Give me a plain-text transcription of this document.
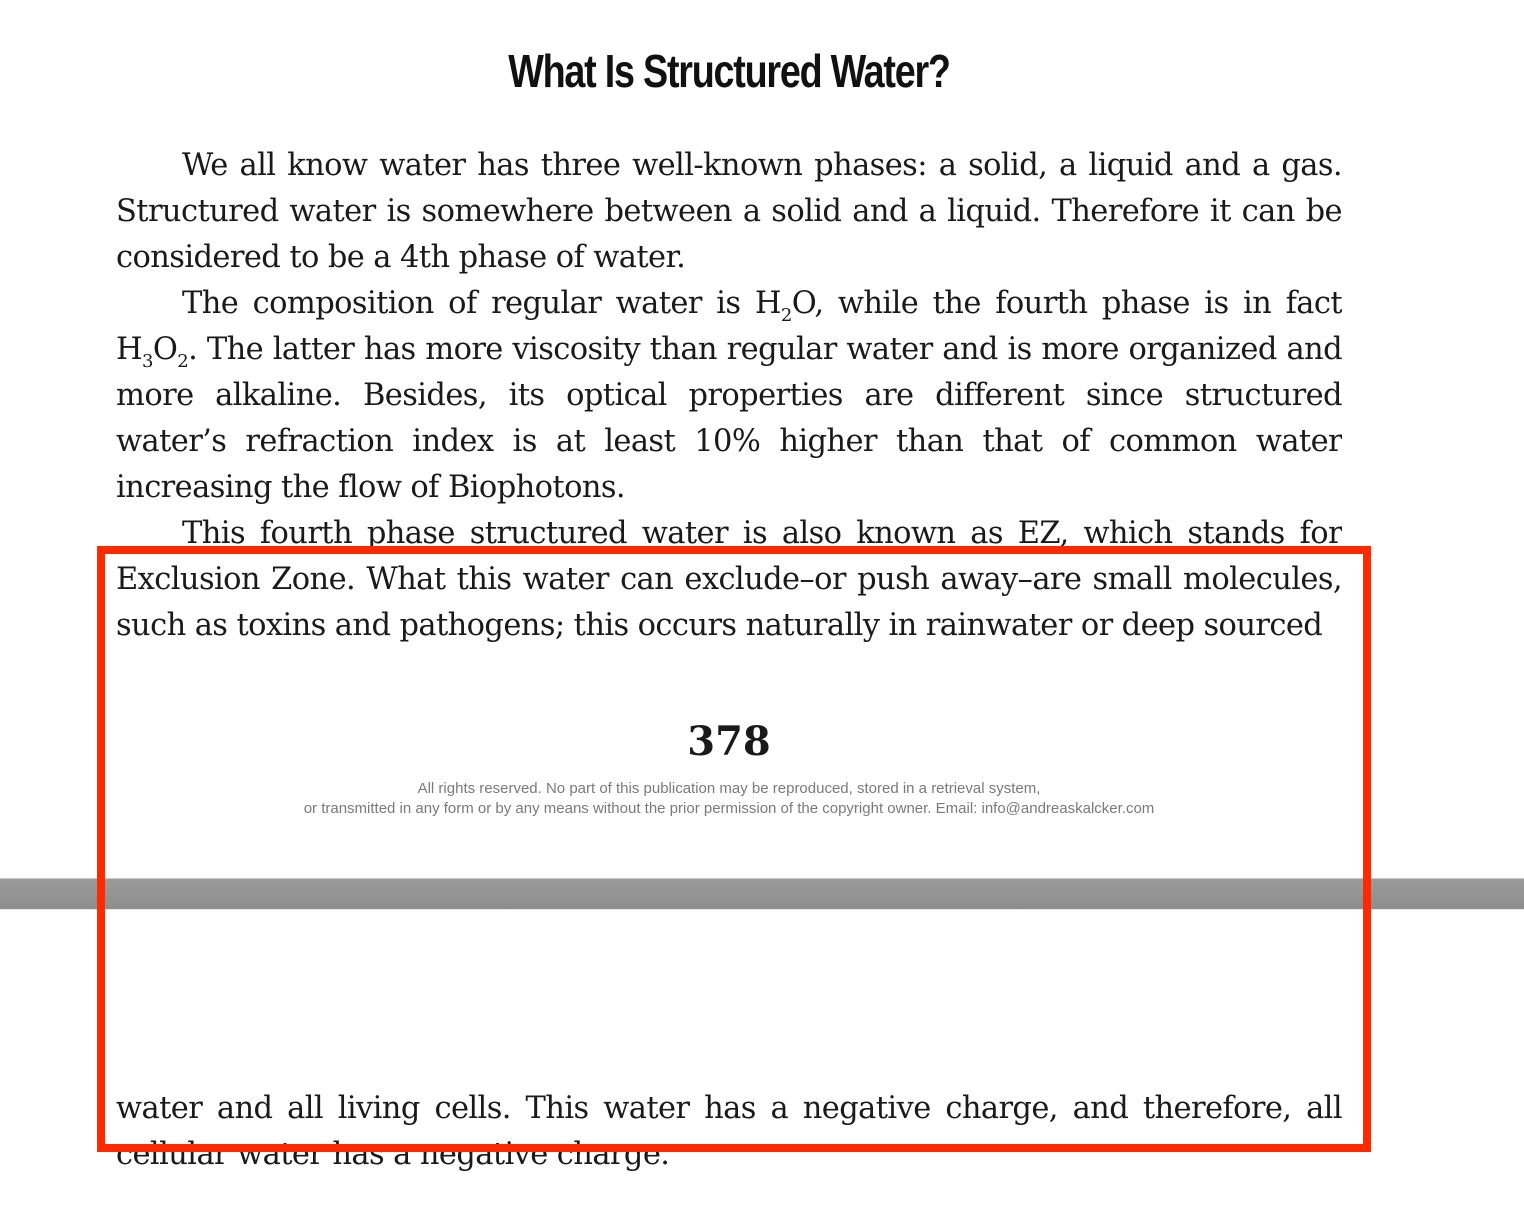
What Is Structured Water?

We all know water has three well-known phases: a solid, a liquid and a gas. Structured water is somewhere between a solid and a liquid. Therefore it can be considered to be a 4th phase of water.

The composition of regular water is $H_2O$, while the fourth phase is in fact $H_3O_2$. The latter has more viscosity than regular water and is more organized and more alkaline. Besides, its optical properties are different since structured water’s refraction index is at least 10% higher than that of common water increasing the flow of Biophotons.

This fourth phase structured water is also known as EZ, which stands for Exclusion Zone. What this water can exclude–or push away–are small molecules, such as toxins and pathogens; this occurs naturally in rainwater or deep sourced

378
All rights reserved. No part of this publication may be reproduced, stored in a retrieval system,
or transmitted in any form or by any means without the prior permission of the copyright owner. Email: info@andreaskalcker.com

water and all living cells. This water has a negative charge, and therefore, all cellular water has a negative charge.
